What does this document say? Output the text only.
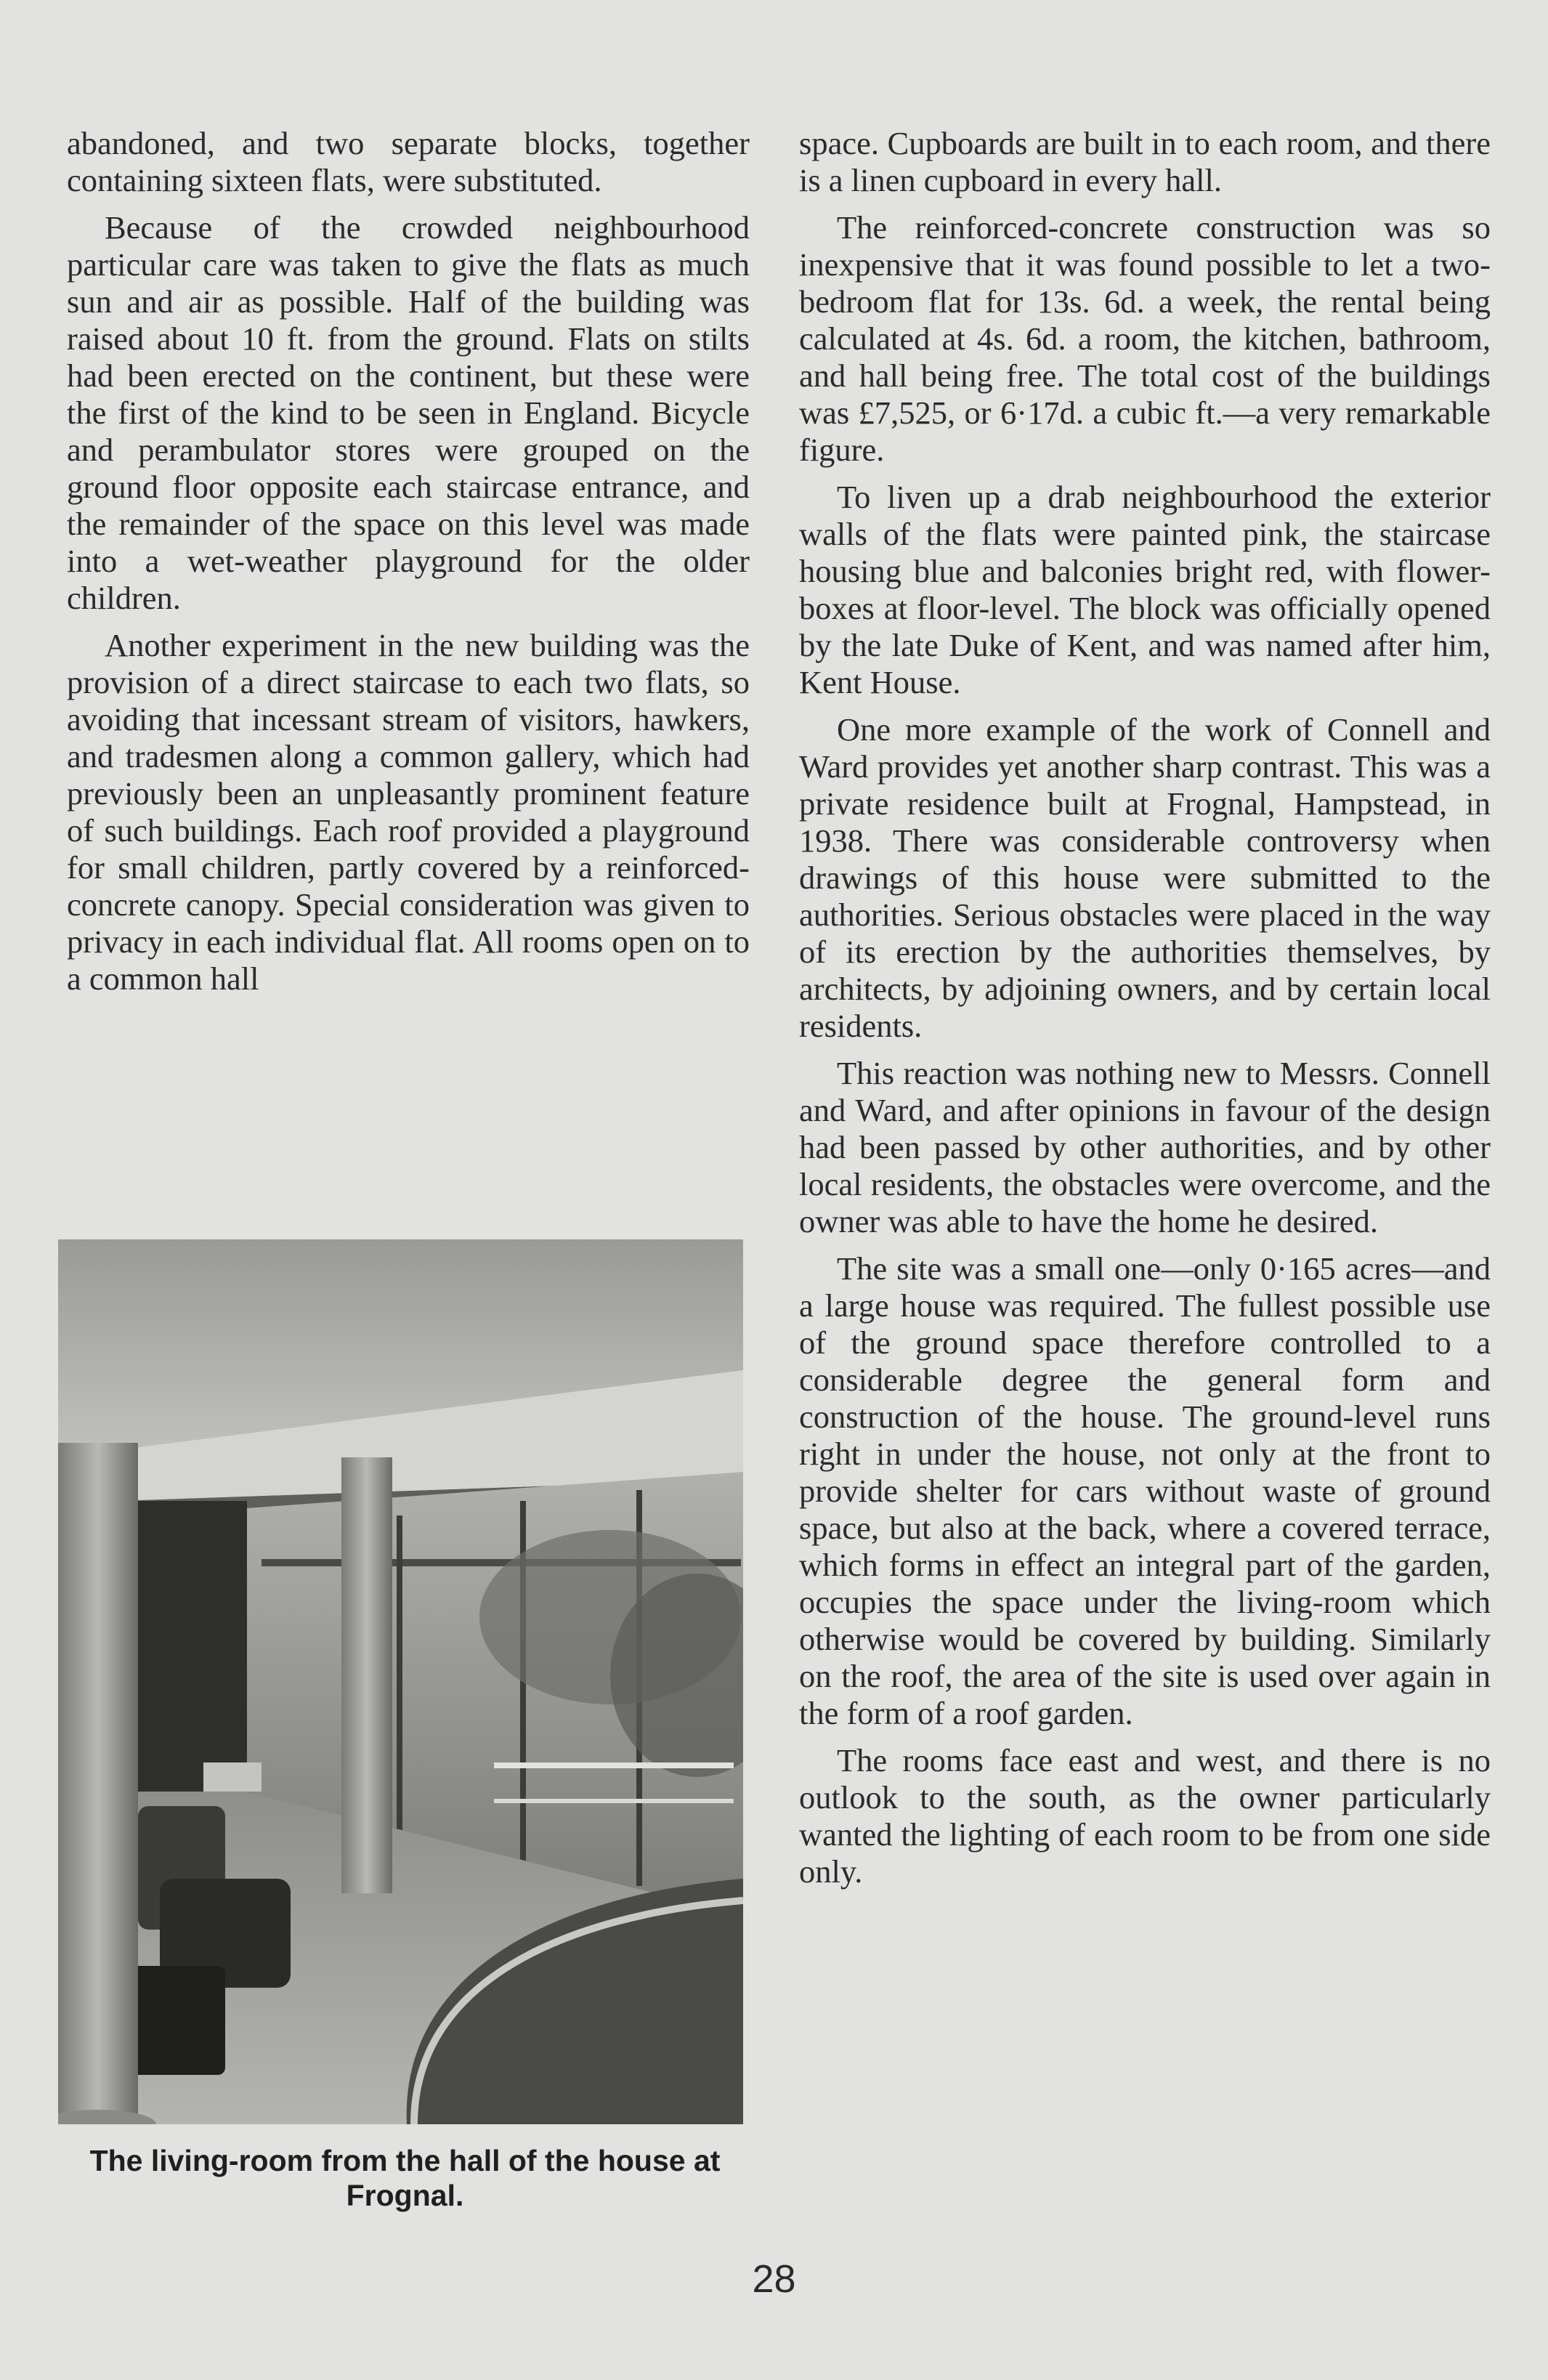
abandoned, and two separate blocks, together containing sixteen flats, were substituted.

Because of the crowded neighbourhood particular care was taken to give the flats as much sun and air as possible. Half of the building was raised about 10 ft. from the ground. Flats on stilts had been erected on the continent, but these were the first of the kind to be seen in England. Bicycle and perambulator stores were grouped on the ground floor opposite each staircase entrance, and the remainder of the space on this level was made into a wet-weather playground for the older children.

Another experiment in the new building was the provision of a direct staircase to each two flats, so avoiding that incessant stream of visitors, hawkers, and tradesmen along a common gallery, which had previously been an unpleasantly prominent feature of such buildings. Each roof provided a playground for small children, partly covered by a reinforced-concrete canopy. Special consideration was given to privacy in each individual flat. All rooms open on to a common hall

The living-room from the hall of the house at Frognal.

space. Cupboards are built in to each room, and there is a linen cupboard in every hall.

The reinforced-concrete construction was so inexpensive that it was found possible to let a two-bedroom flat for 13s. 6d. a week, the rental being calculated at 4s. 6d. a room, the kitchen, bathroom, and hall being free. The total cost of the buildings was £7,525, or 6·17d. a cubic ft.—a very remarkable figure.

To liven up a drab neighbourhood the exterior walls of the flats were painted pink, the staircase housing blue and balconies bright red, with flower-boxes at floor-level. The block was officially opened by the late Duke of Kent, and was named after him, Kent House.

One more example of the work of Connell and Ward provides yet another sharp contrast. This was a private residence built at Frognal, Hampstead, in 1938. There was considerable controversy when drawings of this house were submitted to the authorities. Serious obstacles were placed in the way of its erection by the authorities themselves, by architects, by adjoining owners, and by certain local residents.

This reaction was nothing new to Messrs. Connell and Ward, and after opinions in favour of the design had been passed by other authorities, and by other local residents, the obstacles were overcome, and the owner was able to have the home he desired.

The site was a small one—only 0·165 acres—and a large house was required. The fullest possible use of the ground space therefore controlled to a considerable degree the general form and construction of the house. The ground-level runs right in under the house, not only at the front to provide shelter for cars without waste of ground space, but also at the back, where a covered terrace, which forms in effect an integral part of the garden, occupies the space under the living-room which otherwise would be covered by building. Similarly on the roof, the area of the site is used over again in the form of a roof garden.

The rooms face east and west, and there is no outlook to the south, as the owner particularly wanted the lighting of each room to be from one side only.

28
